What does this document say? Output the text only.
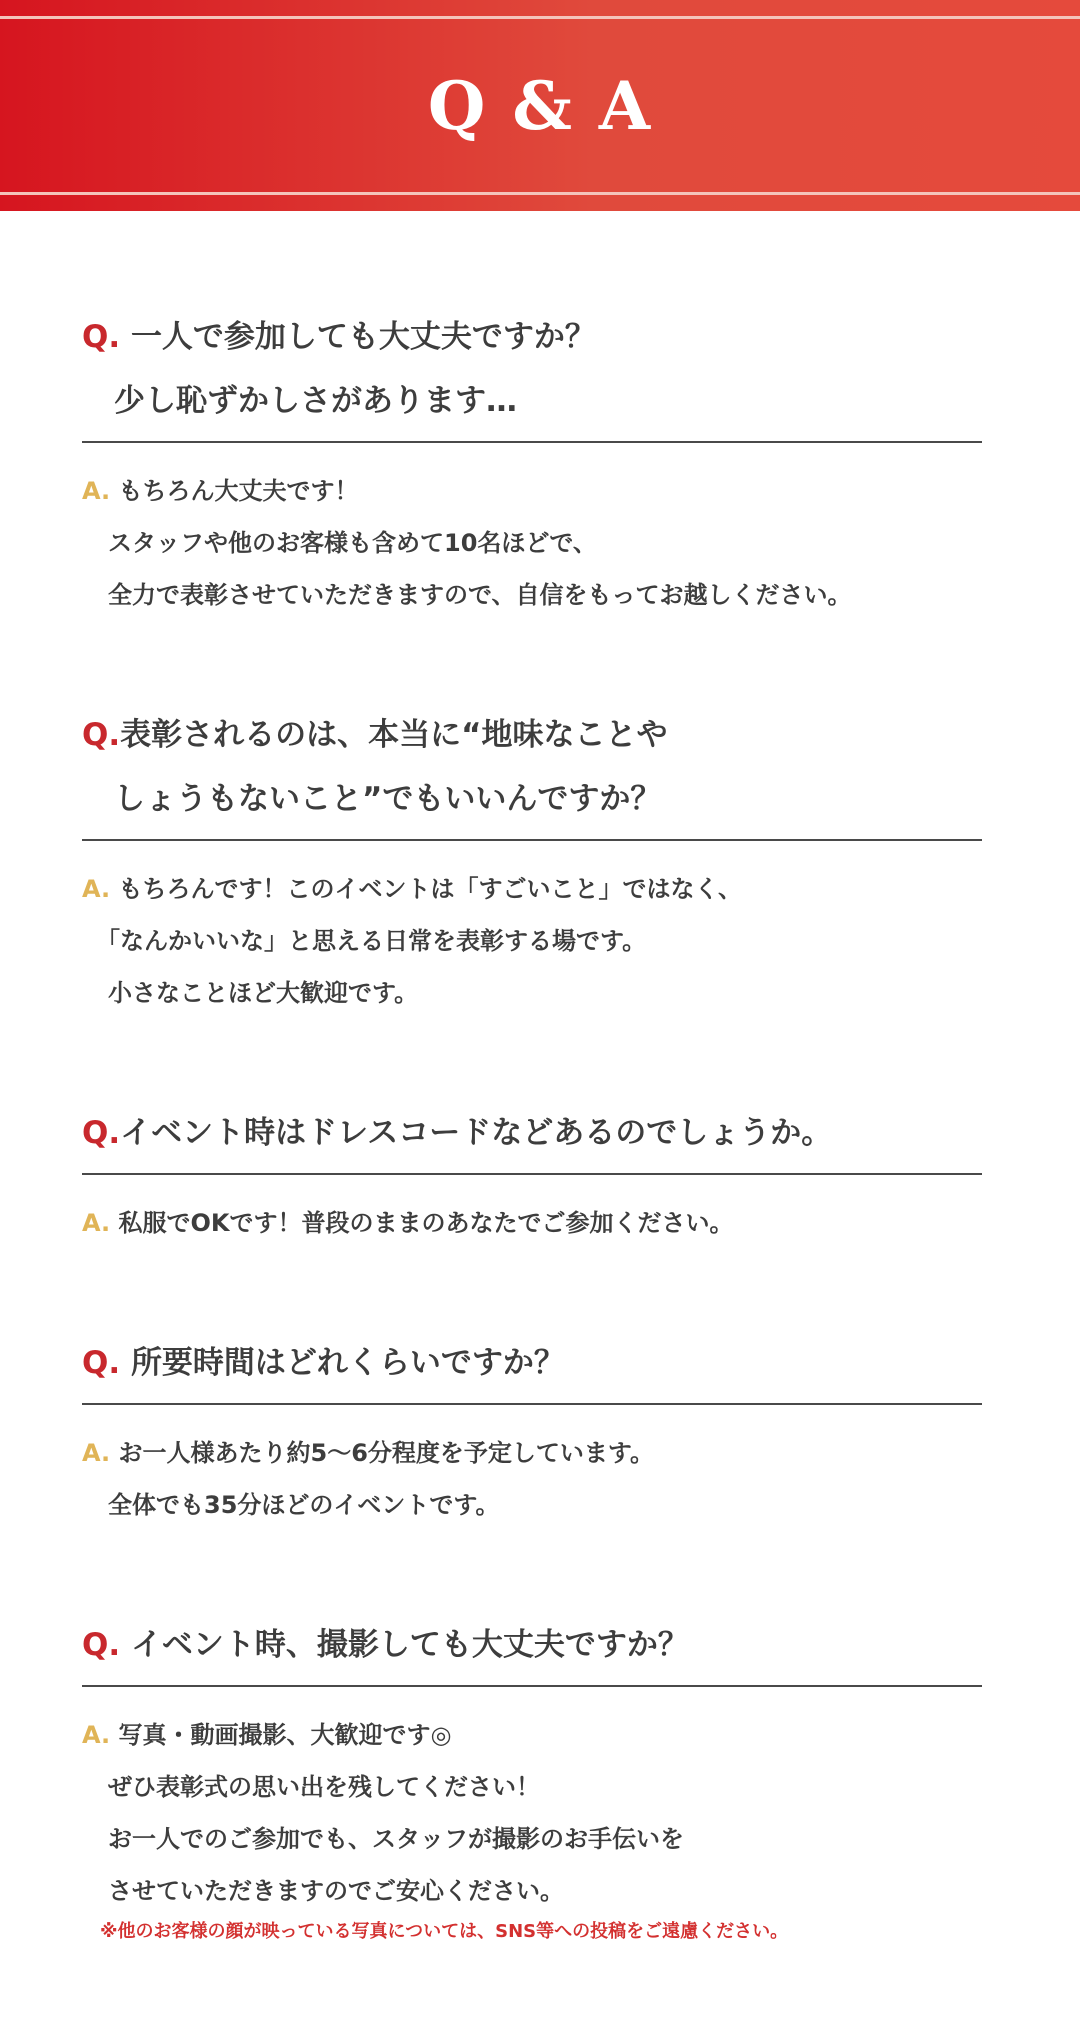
Q & A
Q. 一人で参加しても大丈夫ですか？
少し恥ずかしさがあります…
A. もちろん大丈夫です！
スタッフや他のお客様も含めて10名ほどで、
全力で表彰させていただきますので、自信をもってお越しください。
Q.表彰されるのは、本当に“地味なことや
しょうもないこと”でもいいんですか？
A. もちろんです！このイベントは「すごいこと」ではなく、
「なんかいいな」と思える日常を表彰する場です。
小さなことほど大歓迎です。
Q.イベント時はドレスコードなどあるのでしょうか。
A. 私服でOKです！普段のままのあなたでご参加ください。
Q. 所要時間はどれくらいですか？
A. お一人様あたり約5〜6分程度を予定しています。
全体でも35分ほどのイベントです。
Q. イベント時、撮影しても大丈夫ですか？
A. 写真・動画撮影、大歓迎です◎
ぜひ表彰式の思い出を残してください！
お一人でのご参加でも、スタッフが撮影のお手伝いを
させていただきますのでご安心ください。
※他のお客様の顔が映っている写真については、SNS等への投稿をご遠慮ください。
